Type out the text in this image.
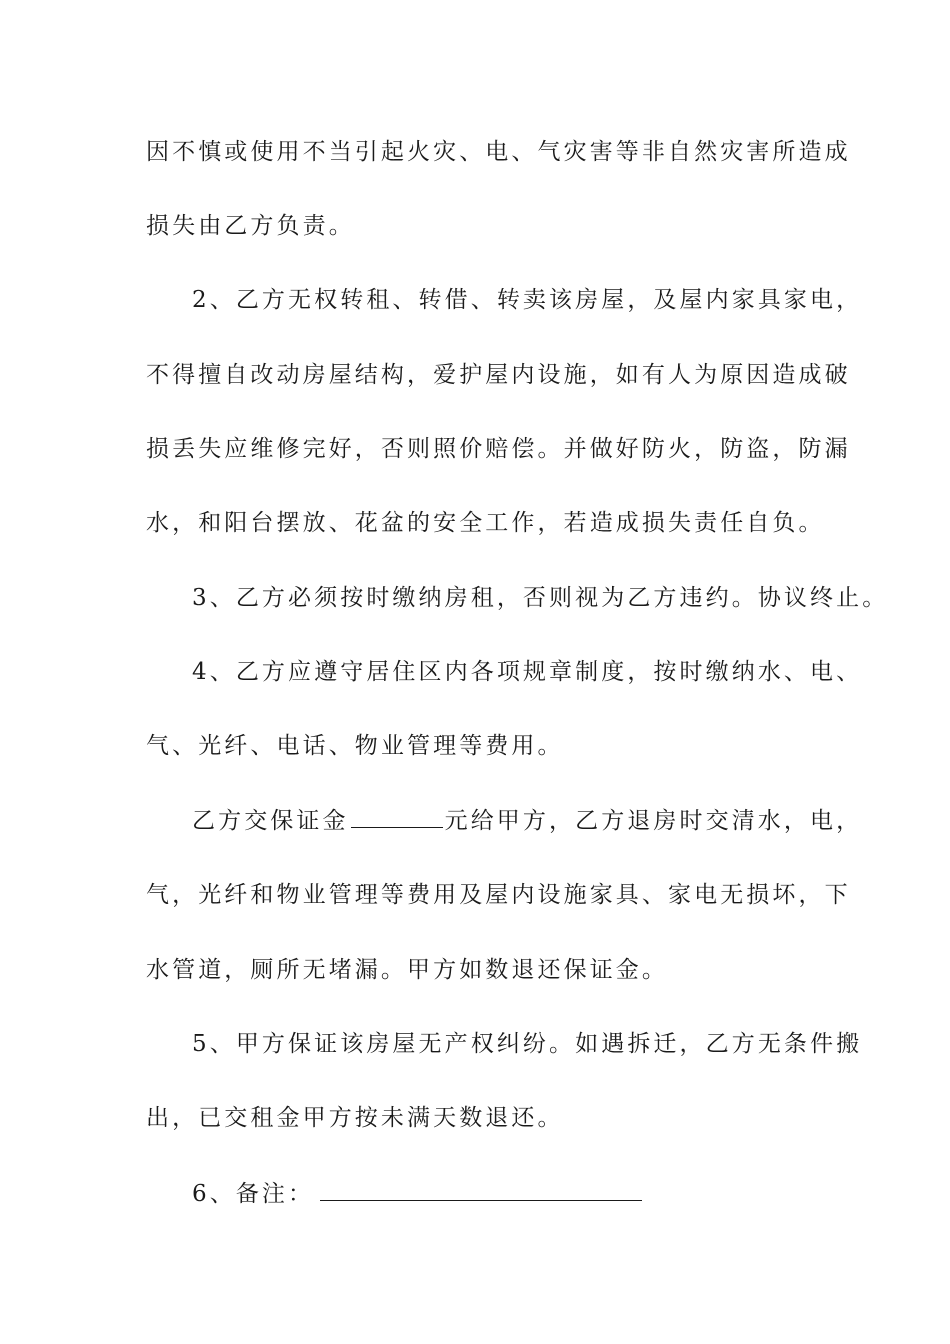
因不慎或使用不当引起火灾、电、气灾害等非自然灾害所造成
损失由乙方负责。
2、乙方无权转租、转借、转卖该房屋，及屋内家具家电，
不得擅自改动房屋结构，爱护屋内设施，如有人为原因造成破
损丢失应维修完好，否则照价赔偿。并做好防火，防盗，防漏
水，和阳台摆放、花盆的安全工作，若造成损失责任自负。
3、乙方必须按时缴纳房租，否则视为乙方违约。协议终止。
4、乙方应遵守居住区内各项规章制度，按时缴纳水、电、
气、光纤、电话、物业管理等费用。
乙方交保证金	元给甲方，乙方退房时交清水，电，
气，光纤和物业管理等费用及屋内设施家具、家电无损坏，下
水管道，厕所无堵漏。甲方如数退还保证金。
5、甲方保证该房屋无产权纠纷。如遇拆迁，乙方无条件搬
出，已交租金甲方按未满天数退还。
6、备注：
